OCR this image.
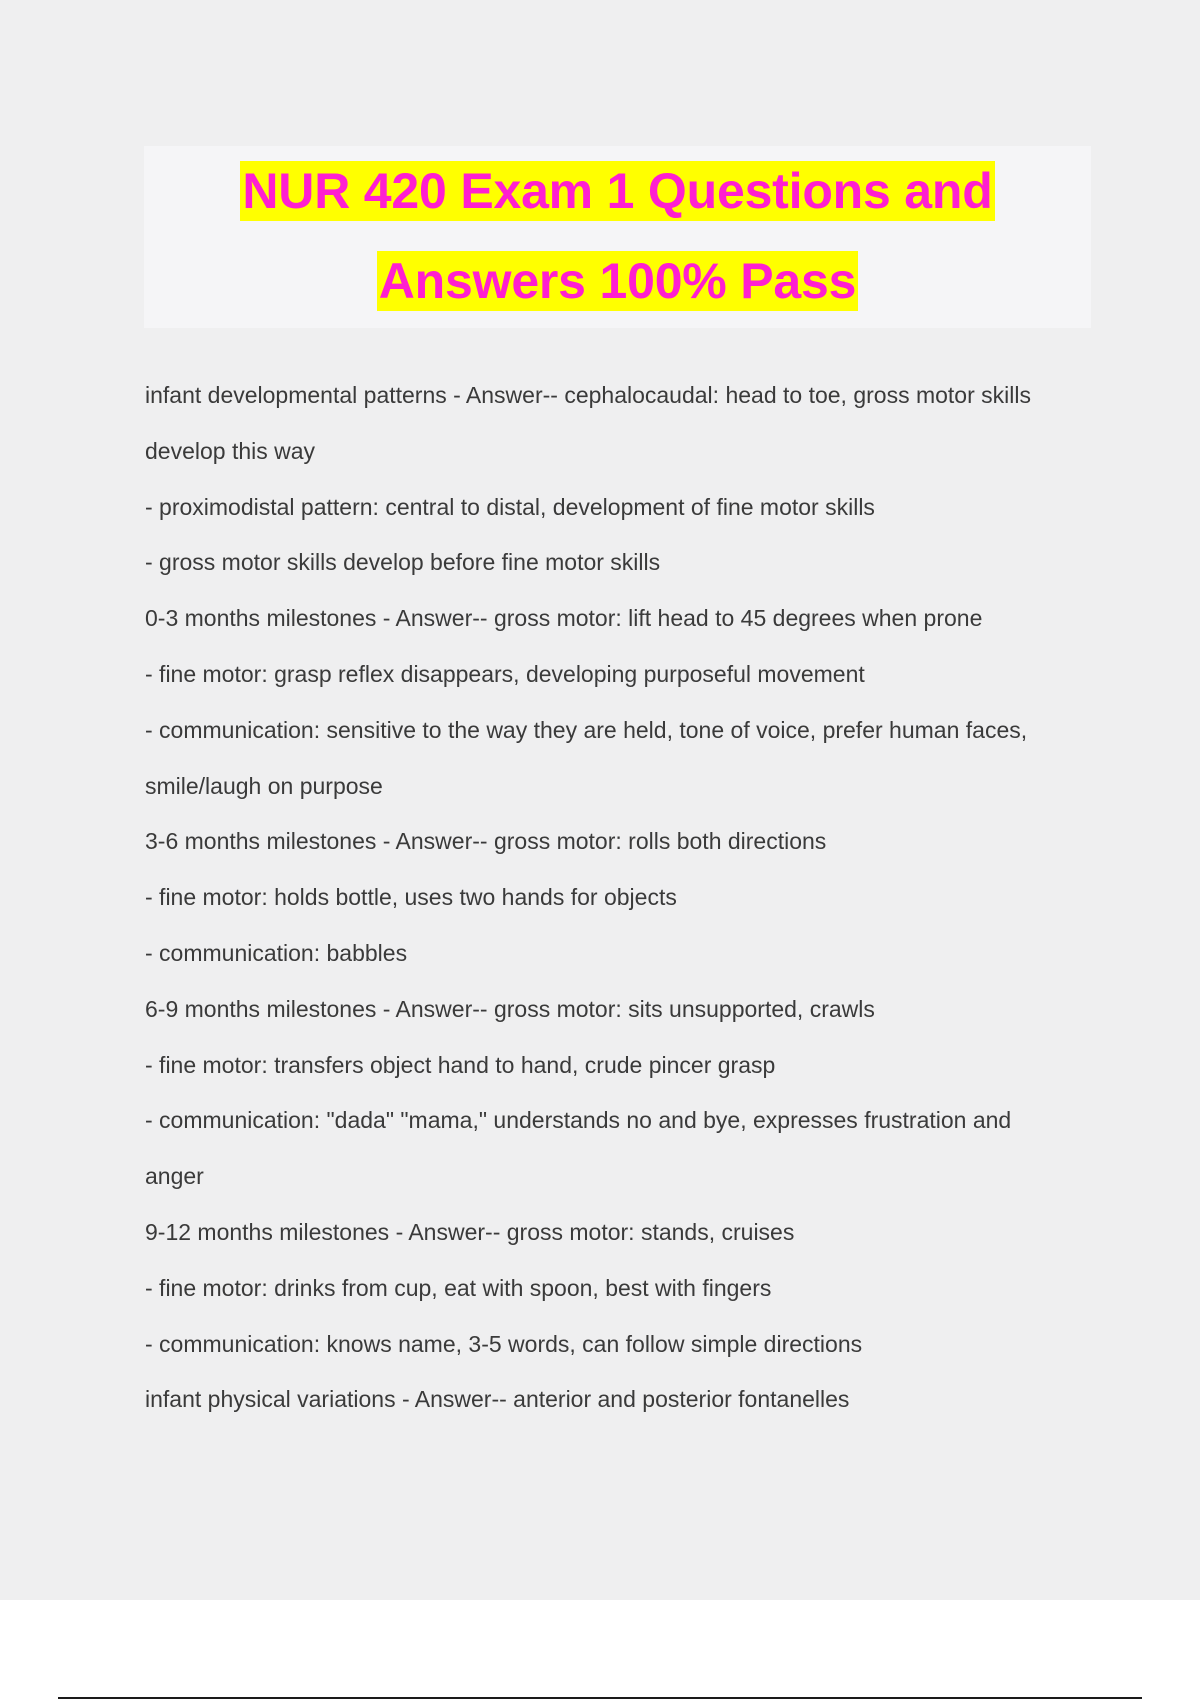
NUR 420 Exam 1 Questions and
Answers 100% Pass
infant developmental patterns - Answer-- cephalocaudal: head to toe, gross motor skills
develop this way
- proximodistal pattern: central to distal, development of fine motor skills
- gross motor skills develop before fine motor skills
0-3 months milestones - Answer-- gross motor: lift head to 45 degrees when prone
- fine motor: grasp reflex disappears, developing purposeful movement
- communication: sensitive to the way they are held, tone of voice, prefer human faces,
smile/laugh on purpose
3-6 months milestones - Answer-- gross motor: rolls both directions
- fine motor: holds bottle, uses two hands for objects
- communication: babbles
6-9 months milestones - Answer-- gross motor: sits unsupported, crawls
- fine motor: transfers object hand to hand, crude pincer grasp
- communication: "dada" "mama," understands no and bye, expresses frustration and
anger
9-12 months milestones - Answer-- gross motor: stands, cruises
- fine motor: drinks from cup, eat with spoon, best with fingers
- communication: knows name, 3-5 words, can follow simple directions
infant physical variations - Answer-- anterior and posterior fontanelles
